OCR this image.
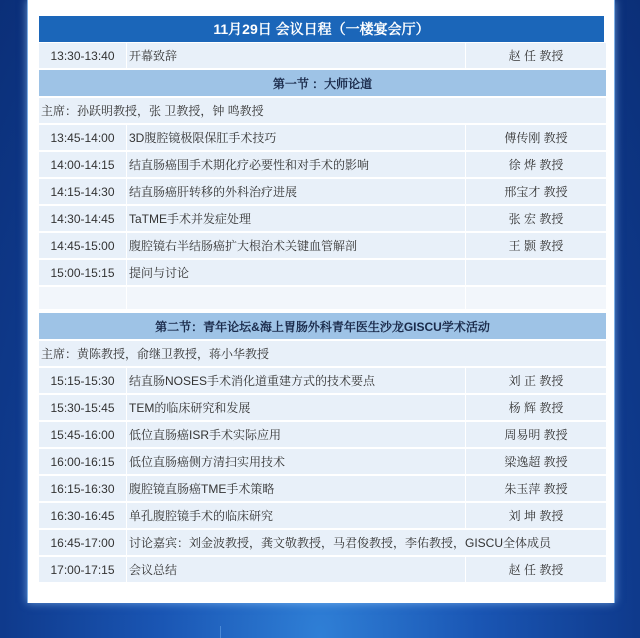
11月29日 会议日程（一楼宴会厅）
13:30-13:40	开幕致辞	赵 任 教授
第一节 ：大师论道		
主席：孙跃明教授，张 卫教授，钟 鸣教授		
13:45-14:00	3D腹腔镜极限保肛手术技巧	傅传刚 教授
14:00-14:15	结直肠癌围手术期化疗必要性和对手术的影响	徐 烨 教授
14:15-14:30	结直肠癌肝转移的外科治疗进展	邢宝才 教授
14:30-14:45	TaTME手术并发症处理	张 宏 教授
14:45-15:00	腹腔镜右半结肠癌扩大根治术关键血管解剖	王 颢 教授
15:00-15:15	提问与讨论	

第二节：青年论坛&海上胃肠外科青年医生沙龙GISCU学术活动		
主席：黄陈教授，俞继卫教授，蒋小华教授		
15:15-15:30	结直肠NOSES手术消化道重建方式的技术要点	刘 正 教授
15:30-15:45	TEM的临床研究和发展	杨 辉 教授
15:45-16:00	低位直肠癌ISR手术实际应用	周易明 教授
16:00-16:15	低位直肠癌侧方清扫实用技术	梁逸超 教授
16:15-16:30	腹腔镜直肠癌TME手术策略	朱玉萍 教授
16:30-16:45	单孔腹腔镜手术的临床研究	刘 坤 教授
16:45-17:00	讨论嘉宾：刘金波教授，龚文敬教授，马君俊教授，李佑教授，GISCU全体成员	
17:00-17:15	会议总结	赵 任 教授
